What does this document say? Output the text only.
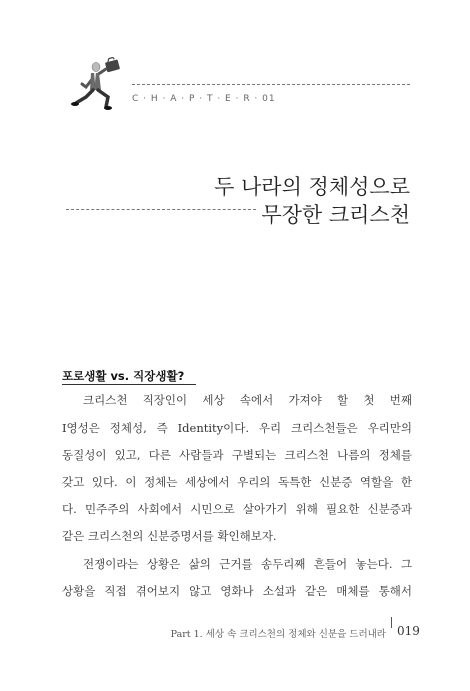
C · H · A · P · T · E · R · 01
두 나라의 정체성으로
무장한 크리스천
포로생활 vs. 직장생활?
크리스천 직장인이 세상 속에서 가져야 할 첫 번째
I영성은 정체성, 즉 Identity이다. 우리 크리스천들은 우리만의
동질성이 있고, 다른 사람들과 구별되는 크리스천 나름의 정체를
갖고 있다. 이 정체는 세상에서 우리의 독특한 신분증 역할을 한
다. 민주주의 사회에서 시민으로 살아가기 위해 필요한 신분증과
같은 크리스천의 신분증명서를 확인해보자.
전쟁이라는 상황은 삶의 근거를 송두리째 흔들어 놓는다. 그
상황을 직접 겪어보지 않고 영화나 소설과 같은 매체를 통해서
Part 1. 세상 속 크리스천의 정체와 신분을 드러내라 019
